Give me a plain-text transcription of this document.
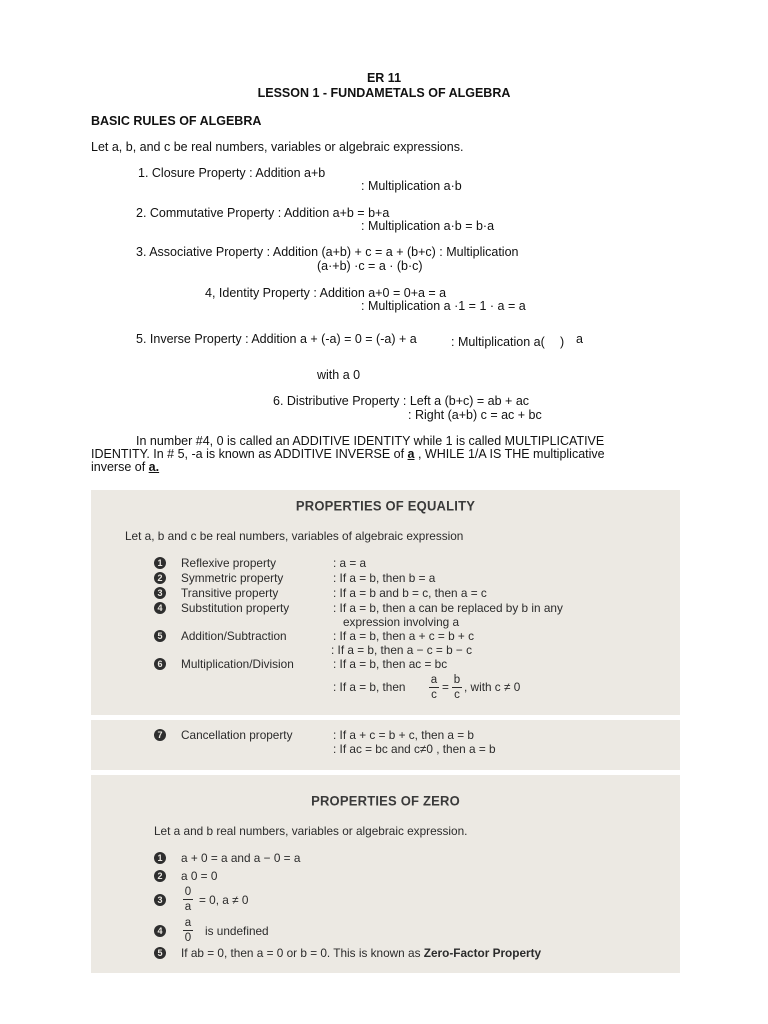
ER 11
LESSON 1 - FUNDAMETALS OF ALGEBRA
BASIC RULES OF ALGEBRA
Let a, b, and c be real numbers, variables or algebraic expressions.
1. Closure Property : Addition a+b
: Multiplication a·b
2. Commutative Property : Addition a+b = b+a
: Multiplication a·b = b·a
3. Associative Property : Addition (a+b) + c = a + (b+c) : Multiplication
(a·+b) ·c = a · (b·c)
4, Identity Property : Addition a+0 = 0+a = a
: Multiplication a ·1 = 1 · a = a
5. Inverse Property : Addition a + (-a) = 0 = (-a) + a	: Multiplication a( ) a
with a 0
6. Distributive Property : Left a (b+c) = ab + ac
: Right (a+b) c = ac + bc
In number #4, 0 is called an ADDITIVE IDENTITY while 1 is called MULTIPLICATIVE
IDENTITY. In # 5, -a is known as ADDITIVE INVERSE of a , WHILE 1/A IS THE multiplicative
inverse of a.
PROPERTIES OF EQUALITY
Let a, b and c be real numbers, variables of algebraic expression
1 Reflexive property	: a = a
2 Symmetric property	: If a = b, then b = a
3 Transitive property	: If a = b and b = c, then a = c
4 Substitution property	: If a = b, then a can be replaced by b in any
expression involving a
5 Addition/Subtraction	: If a = b, then a + c = b + c
: If a = b, then a − c = b − c
6 Multiplication/Division	: If a = b, then ac = bc
: If a = b, then a
c
= b
c
, with c ≠ 0
7 Cancellation property	: If a + c = b + c, then a = b
: If ac = bc and c≠0 , then a = b
PROPERTIES OF ZERO
Let a and b real numbers, variables or algebraic expression.
1 a + 0 = a and a − 0 = a
2 a 0 = 0
3
0
a = 0, a ≠ 0
4
a
0 is undefined
5 If ab = 0, then a = 0 or b = 0. This is known as Zero-Factor Property
